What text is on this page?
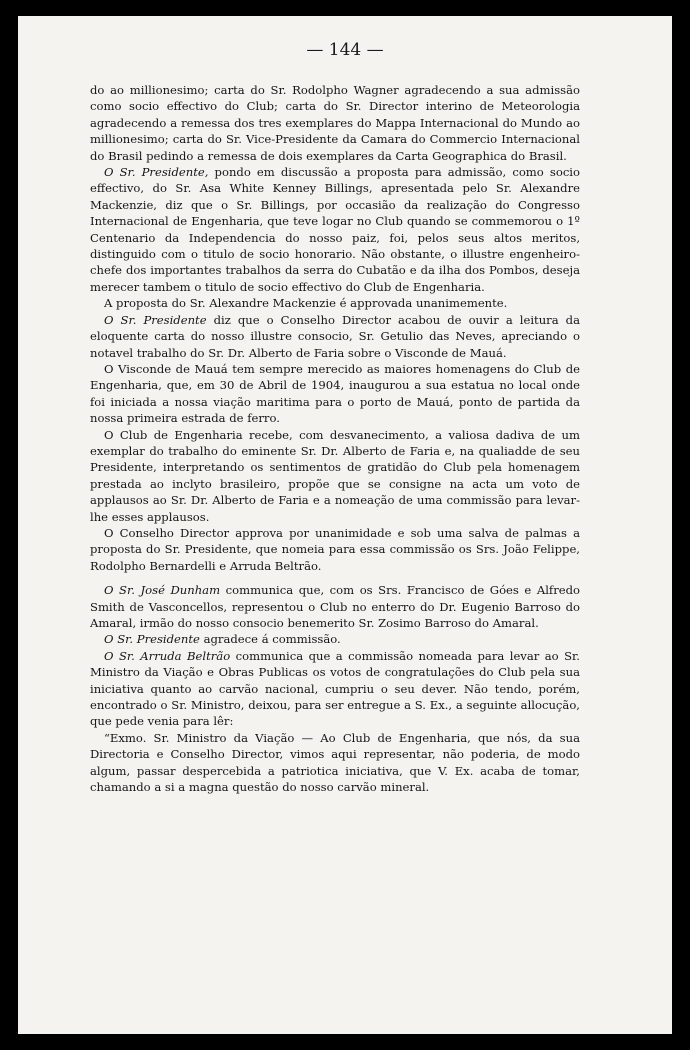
— 144 —

do ao millionesimo; carta do Sr. Rodolpho Wagner agradecendo a sua admissão como socio effectivo do Club; carta do Sr. Director interino de Meteorologia agradecendo a remessa dos tres exemplares do Mappa Internacional do Mundo ao millionesimo; carta do Sr. Vice-Presidente da Camara do Commercio Internacional do Brasil pedindo a remessa de dois exemplares da Carta Geographica do Brasil.

O Sr. Presidente, pondo em discussão a proposta para admissão, como socio effectivo, do Sr. Asa White Kenney Billings, apresentada pelo Sr. Alexandre Mackenzie, diz que o Sr. Billings, por occasião da realização do Congresso Internacional de Engenharia, que teve logar no Club quando se commemorou o 1º Centenario da Independencia do nosso paiz, foi, pelos seus altos meritos, distinguido com o titulo de socio honorario. Não obstante, o illustre engenheiro-chefe dos importantes trabalhos da serra do Cubatão e da ilha dos Pombos, deseja merecer tambem o titulo de socio effectivo do Club de Engenharia.

A proposta do Sr. Alexandre Mackenzie é approvada unanimemente.

O Sr. Presidente diz que o Conselho Director acabou de ouvir a leitura da eloquente carta do nosso illustre consocio, Sr. Getulio das Neves, apreciando o notavel trabalho do Sr. Dr. Alberto de Faria sobre o Visconde de Mauá.

O Visconde de Mauá tem sempre merecido as maiores homenagens do Club de Engenharia, que, em 30 de Abril de 1904, inaugurou a sua estatua no local onde foi iniciada a nossa viação maritima para o porto de Mauá, ponto de partida da nossa primeira estrada de ferro.

O Club de Engenharia recebe, com desvanecimento, a valiosa dadiva de um exemplar do trabalho do eminente Sr. Dr. Alberto de Faria e, na qualiadde de seu Presidente, interpretando os sentimentos de gratidão do Club pela homenagem prestada ao inclyto brasileiro, propõe que se consigne na acta um voto de applausos ao Sr. Dr. Alberto de Faria e a nomeação de uma commissão para levar-lhe esses applausos.

O Conselho Director approva por unanimidade e sob uma salva de palmas a proposta do Sr. Presidente, que nomeia para essa commissão os Srs. João Felippe, Rodolpho Bernardelli e Arruda Beltrão.

O Sr. José Dunham communica que, com os Srs. Francisco de Góes e Alfredo Smith de Vasconcellos, representou o Club no enterro do Dr. Eugenio Barroso do Amaral, irmão do nosso consocio benemerito Sr. Zosimo Barroso do Amaral.

O Sr. Presidente agradece á commissão.

O Sr. Arruda Beltrão communica que a commissão nomeada para levar ao Sr. Ministro da Viação e Obras Publicas os votos de congratulações do Club pela sua iniciativa quanto ao carvão nacional, cumpriu o seu dever. Não tendo, porém, encontrado o Sr. Ministro, deixou, para ser entregue a S. Ex., a seguinte allocução, que pede venia para lêr:

“Exmo. Sr. Ministro da Viação — Ao Club de Engenharia, que nós, da sua Directoria e Conselho Director, vimos aqui representar, não poderia, de modo algum, passar despercebida a patriotica iniciativa, que V. Ex. acaba de tomar, chamando a si a magna questão do nosso carvão mineral.
